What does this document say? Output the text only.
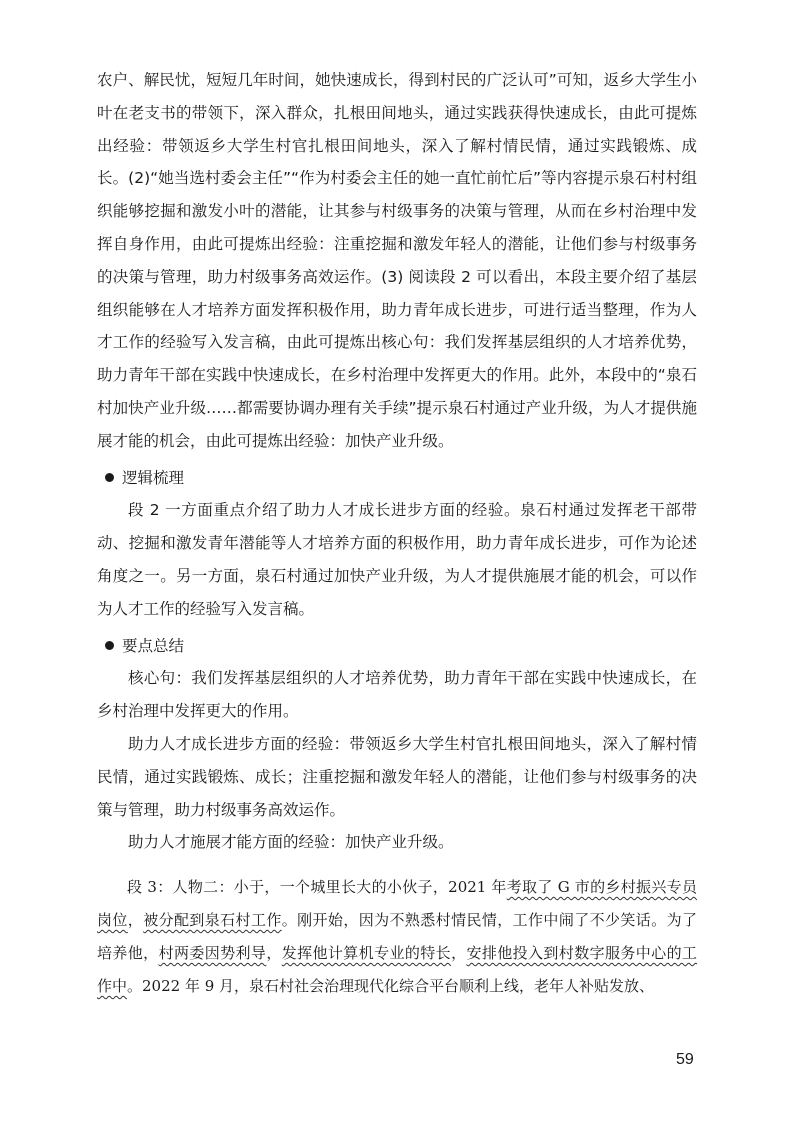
农户、解民忧，短短几年时间，她快速成长，得到村民的广泛认可”可知，返乡大学生小叶在老支书的带领下，深入群众，扎根田间地头，通过实践获得快速成长，由此可提炼出经验：带领返乡大学生村官扎根田间地头，深入了解村情民情，通过实践锻炼、成长。(2)“她当选村委会主任”“作为村委会主任的她一直忙前忙后”等内容提示泉石村村组织能够挖掘和激发小叶的潜能，让其参与村级事务的决策与管理，从而在乡村治理中发挥自身作用，由此可提炼出经验：注重挖掘和激发年轻人的潜能，让他们参与村级事务的决策与管理，助力村级事务高效运作。(3) 阅读段 2 可以看出，本段主要介绍了基层组织能够在人才培养方面发挥积极作用，助力青年成长进步，可进行适当整理，作为人才工作的经验写入发言稿，由此可提炼出核心句：我们发挥基层组织的人才培养优势，助力青年干部在实践中快速成长，在乡村治理中发挥更大的作用。此外，本段中的“泉石村加快产业升级……都需要协调办理有关手续”提示泉石村通过产业升级，为人才提供施展才能的机会，由此可提炼出经验：加快产业升级。

逻辑梳理

段 2 一方面重点介绍了助力人才成长进步方面的经验。泉石村通过发挥老干部带动、挖掘和激发青年潜能等人才培养方面的积极作用，助力青年成长进步，可作为论述角度之一。另一方面，泉石村通过加快产业升级，为人才提供施展才能的机会，可以作为人才工作的经验写入发言稿。

要点总结

核心句：我们发挥基层组织的人才培养优势，助力青年干部在实践中快速成长，在乡村治理中发挥更大的作用。

助力人才成长进步方面的经验：带领返乡大学生村官扎根田间地头，深入了解村情民情，通过实践锻炼、成长；注重挖掘和激发年轻人的潜能，让他们参与村级事务的决策与管理，助力村级事务高效运作。

助力人才施展才能方面的经验：加快产业升级。

段 3：人物二：小于，一个城里长大的小伙子，2021 年考取了 G 市的乡村振兴专员岗位，被分配到泉石村工作。刚开始，因为不熟悉村情民情，工作中闹了不少笑话。为了培养他，村两委因势利导，发挥他计算机专业的特长，安排他投入到村数字服务中心的工作中。2022 年 9 月，泉石村社会治理现代化综合平台顺利上线，老年人补贴发放、

59
